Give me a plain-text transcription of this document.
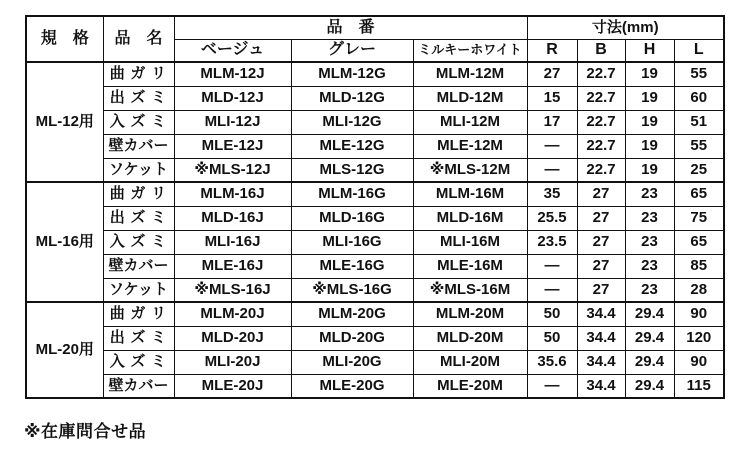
規　格	品　名	品　番			寸法(mm)			
		ベージュ	グレー	ミルキーホワイト	R	B	H	L
ML-12用	曲ガリ	MLM-12J	MLM-12G	MLM-12M	27	22.7	19	55
	出ズミ	MLD-12J	MLD-12G	MLD-12M	15	22.7	19	60
	入ズミ	MLI-12J	MLI-12G	MLI-12M	17	22.7	19	51
	壁カバー	MLE-12J	MLE-12G	MLE-12M	―	22.7	19	55
	ソケット	※MLS-12J	MLS-12G	※MLS-12M	―	22.7	19	25
ML-16用	曲ガリ	MLM-16J	MLM-16G	MLM-16M	35	27	23	65
	出ズミ	MLD-16J	MLD-16G	MLD-16M	25.5	27	23	75
	入ズミ	MLI-16J	MLI-16G	MLI-16M	23.5	27	23	65
	壁カバー	MLE-16J	MLE-16G	MLE-16M	―	27	23	85
	ソケット	※MLS-16J	※MLS-16G	※MLS-16M	―	27	23	28
ML-20用	曲ガリ	MLM-20J	MLM-20G	MLM-20M	50	34.4	29.4	90
	出ズミ	MLD-20J	MLD-20G	MLD-20M	50	34.4	29.4	120
	入ズミ	MLI-20J	MLI-20G	MLI-20M	35.6	34.4	29.4	90
	壁カバー	MLE-20J	MLE-20G	MLE-20M	―	34.4	29.4	115
※在庫問合せ品
